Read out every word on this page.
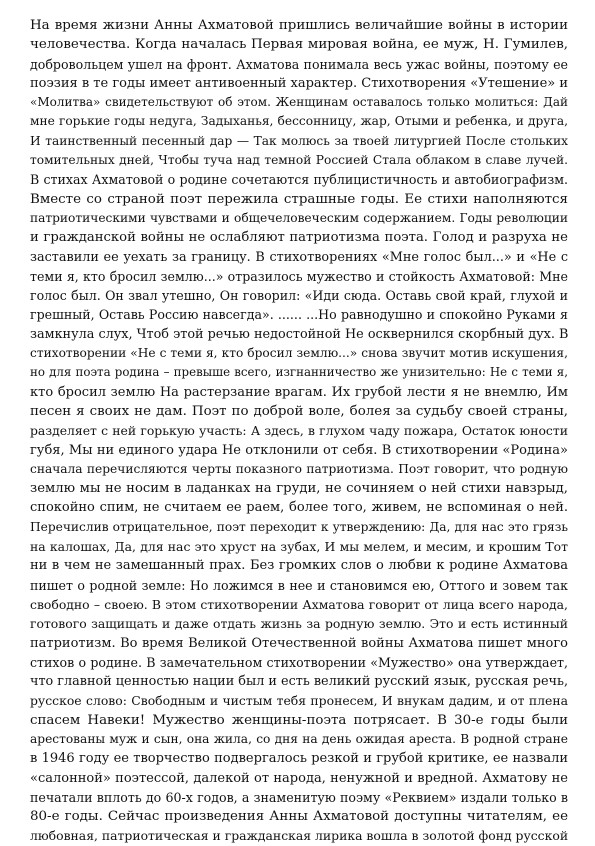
На время жизни Анны Ахматовой пришлись величайшие войны в истории
человечества. Когда началась Первая мировая война, ее муж, Н. Гумилев,
добровольцем ушел на фронт. Ахматова понимала весь ужас войны, поэтому ее
поэзия в те годы имеет антивоенный характер. Стихотворения «Утешение» и
«Молитва» свидетельствуют об этом. Женщинам оставалось только молиться: Дай
мне горькие годы недуга, Задыханья, бессонницу, жар, Отыми и ребенка, и друга,
И таинственный песенный дар — Так молюсь за твоей литургией После стольких
томительных дней, Чтобы туча над темной Россией Стала облаком в славе лучей.
В стихах Ахматовой о родине сочетаются публицистичность и автобиографизм.
Вместе со страной поэт пережила страшные годы. Ее стихи наполняются
патриотическими чувствами и общечеловеческим содержанием. Годы революции
и гражданской войны не ослабляют патриотизма поэта. Голод и разруха не
заставили ее уехать за границу. В стихотворениях «Мне голос был...» и «Не с
теми я, кто бросил землю...» отразилось мужество и стойкость Ахматовой: Мне
голос был. Он звал утешно, Он говорил: «Иди сюда. Оставь свой край, глухой и
грешный, Оставь Россию навсегда». ...... ...Но равнодушно и спокойно Руками я
замкнула слух, Чтоб этой речью недостойной Не осквернился скорбный дух. В
стихотворении «Не с теми я, кто бросил землю...» снова звучит мотив искушения,
но для поэта родина – превыше всего, изгнанничество же унизительно: Не с теми я,
кто бросил землю На растерзание врагам. Их грубой лести я не внемлю, Им
песен я своих не дам. Поэт по доброй воле, болея за судьбу своей страны,
разделяет с ней горькую участь: А здесь, в глухом чаду пожара, Остаток юности
губя, Мы ни единого удара Не отклонили от себя. В стихотворении «Родина»
сначала перечисляются черты показного патриотизма. Поэт говорит, что родную
землю мы не носим в ладанках на груди, не сочиняем о ней стихи навзрыд,
спокойно спим, не считаем ее раем, более того, живем, не вспоминая о ней.
Перечислив отрицательное, поэт переходит к утверждению: Да, для нас это грязь
на калошах, Да, для нас это хруст на зубах, И мы мелем, и месим, и крошим Тот
ни в чем не замешанный прах. Без громких слов о любви к родине Ахматова
пишет о родной земле: Но ложимся в нее и становимся ею, Оттого и зовем так
свободно – своею. В этом стихотворении Ахматова говорит от лица всего народа,
готового защищать и даже отдать жизнь за родную землю. Это и есть истинный
патриотизм. Во время Великой Отечественной войны Ахматова пишет много
стихов о родине. В замечательном стихотворении «Мужество» она утверждает,
что главной ценностью нации был и есть великий русский язык, русская речь,
русское слово: Свободным и чистым тебя пронесем, И внукам дадим, и от плена
спасем Навеки! Мужество женщины-поэта потрясает. В 30-е годы были
арестованы муж и сын, она жила, со дня на день ожидая ареста. В родной стране
в 1946 году ее творчество подвергалось резкой и грубой критике, ее назвали
«салонной» поэтессой, далекой от народа, ненужной и вредной. Ахматову не
печатали вплоть до 60-х годов, а знаменитую поэму «Реквием» издали только в
80-е годы. Сейчас произведения Анны Ахматовой доступны читателям, ее
любовная, патриотическая и гражданская лирика вошла в золотой фонд русской
